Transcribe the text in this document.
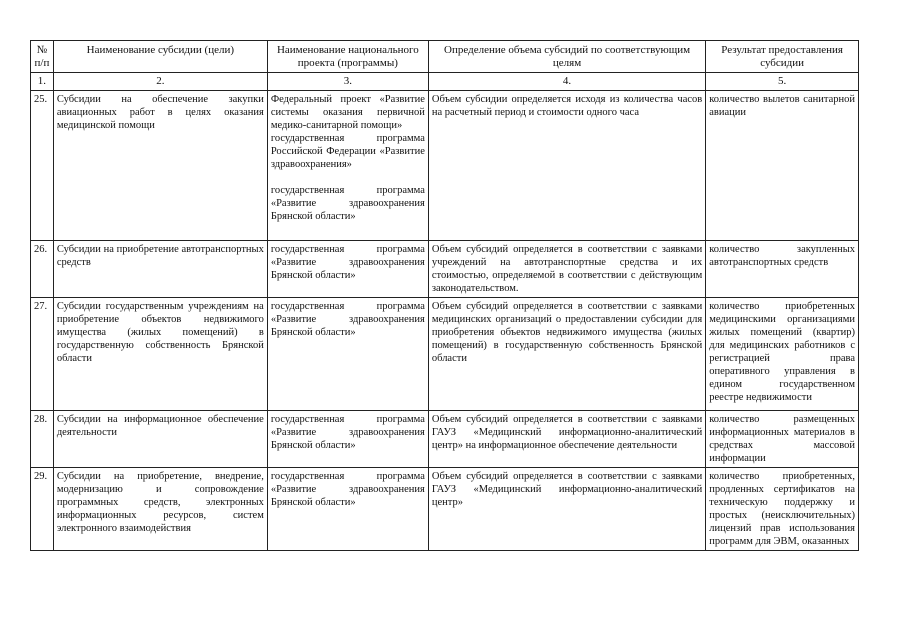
№ п/п	Наименование субсидии (цели)	Наименование национального проекта (программы)	Определение объема субсидий по соответствующим целям	Результат предоставления субсидии
1.	2.	3.	4.	5.
25.	Субсидии на обеспечение закупки авиационных работ в целях оказания медицинской помощи	Федеральный проект «Развитие системы оказания первичной медико-санитарной помощи»
государственная программа Российской Федерации «Развитие здравоохранения»
государственная программа «Развитие здравоохранения Брянской области»	Объем субсидии определяется исходя из количества часов на расчетный период и стоимости одного часа	количество вылетов санитарной авиации
26.	Субсидии на приобретение автотранспортных средств	государственная программа «Развитие здравоохранения Брянской области»	Объем субсидий определяется в соответствии с заявками учреждений на автотранспортные средства и их стоимостью, определяемой в соответствии с действующим законодательством.	количество закупленных автотранспортных средств
27.	Субсидии государственным учреждениям на приобретение объектов недвижимого имущества (жилых помещений) в государственную собственность Брянской области	государственная программа «Развитие здравоохранения Брянской области»	Объем субсидий определяется в соответствии с заявками медицинских организаций о предоставлении субсидии для приобретения объектов недвижимого имущества (жилых помещений) в государственную собственность Брянской области	количество приобретенных медицинскими организациями жилых помещений (квартир) для медицинских работников с регистрацией права оперативного управления в едином государственном реестре недвижимости
28.	Субсидии на информационное обеспечение деятельности	государственная программа «Развитие здравоохранения Брянской области»	Объем субсидий определяется в соответствии с заявками ГАУЗ «Медицинский информационно-аналитический центр» на информационное обеспечение деятельности	количество размещенных информационных материалов в средствах массовой информации
29.	Субсидии на приобретение, внедрение, модернизацию и сопровождение программных средств, электронных информационных ресурсов, систем электронного взаимодействия	государственная программа «Развитие здравоохранения Брянской области»	Объем субсидий определяется в соответствии с заявками ГАУЗ «Медицинский информационно-аналитический центр»	количество приобретенных, продленных сертификатов на техническую поддержку и простых (неисключительных) лицензий прав использования программ для ЭВМ, оказанных
